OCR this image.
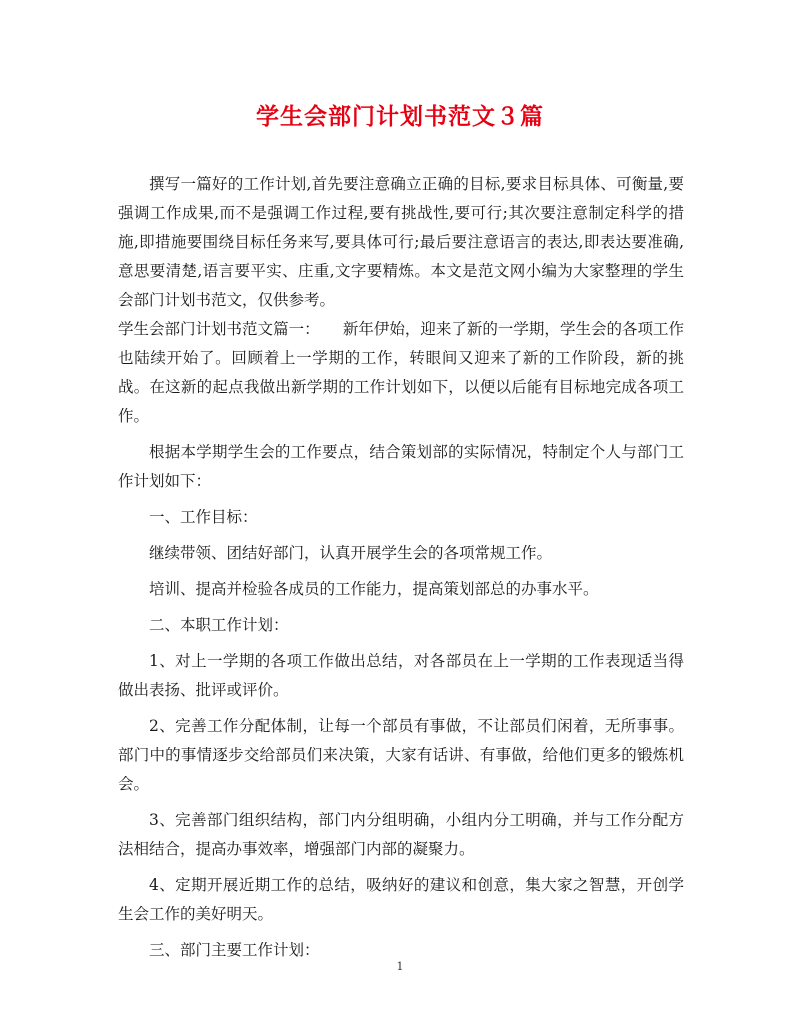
学生会部门计划书范文３篇

撰写一篇好的工作计划,首先要注意确立正确的目标,要求目标具体、可衡量,要强调工作成果,而不是强调工作过程,要有挑战性,要可行;其次要注意制定科学的措施,即措施要围绕目标任务来写,要具体可行;最后要注意语言的表达,即表达要准确,意思要清楚,语言要平实、庄重,文字要精炼。本文是范文网小编为大家整理的学生会部门计划书范文，仅供参考。

学生会部门计划书范文篇一：　　新年伊始，迎来了新的一学期，学生会的各项工作也陆续开始了。回顾着上一学期的工作，转眼间又迎来了新的工作阶段，新的挑战。在这新的起点我做出新学期的工作计划如下，以便以后能有目标地完成各项工作。

根据本学期学生会的工作要点，结合策划部的实际情况，特制定个人与部门工作计划如下：

一、工作目标：

继续带领、团结好部门，认真开展学生会的各项常规工作。

培训、提高并检验各成员的工作能力，提高策划部总的办事水平。

二、本职工作计划：

1、对上一学期的各项工作做出总结，对各部员在上一学期的工作表现适当得做出表扬、批评或评价。

2、完善工作分配体制，让每一个部员有事做，不让部员们闲着，无所事事。部门中的事情逐步交给部员们来决策，大家有话讲、有事做，给他们更多的锻炼机会。

3、完善部门组织结构，部门内分组明确，小组内分工明确，并与工作分配方法相结合，提高办事效率，增强部门内部的凝聚力。

4、定期开展近期工作的总结，吸纳好的建议和创意，集大家之智慧，开创学生会工作的美好明天。

三、部门主要工作计划：

1
